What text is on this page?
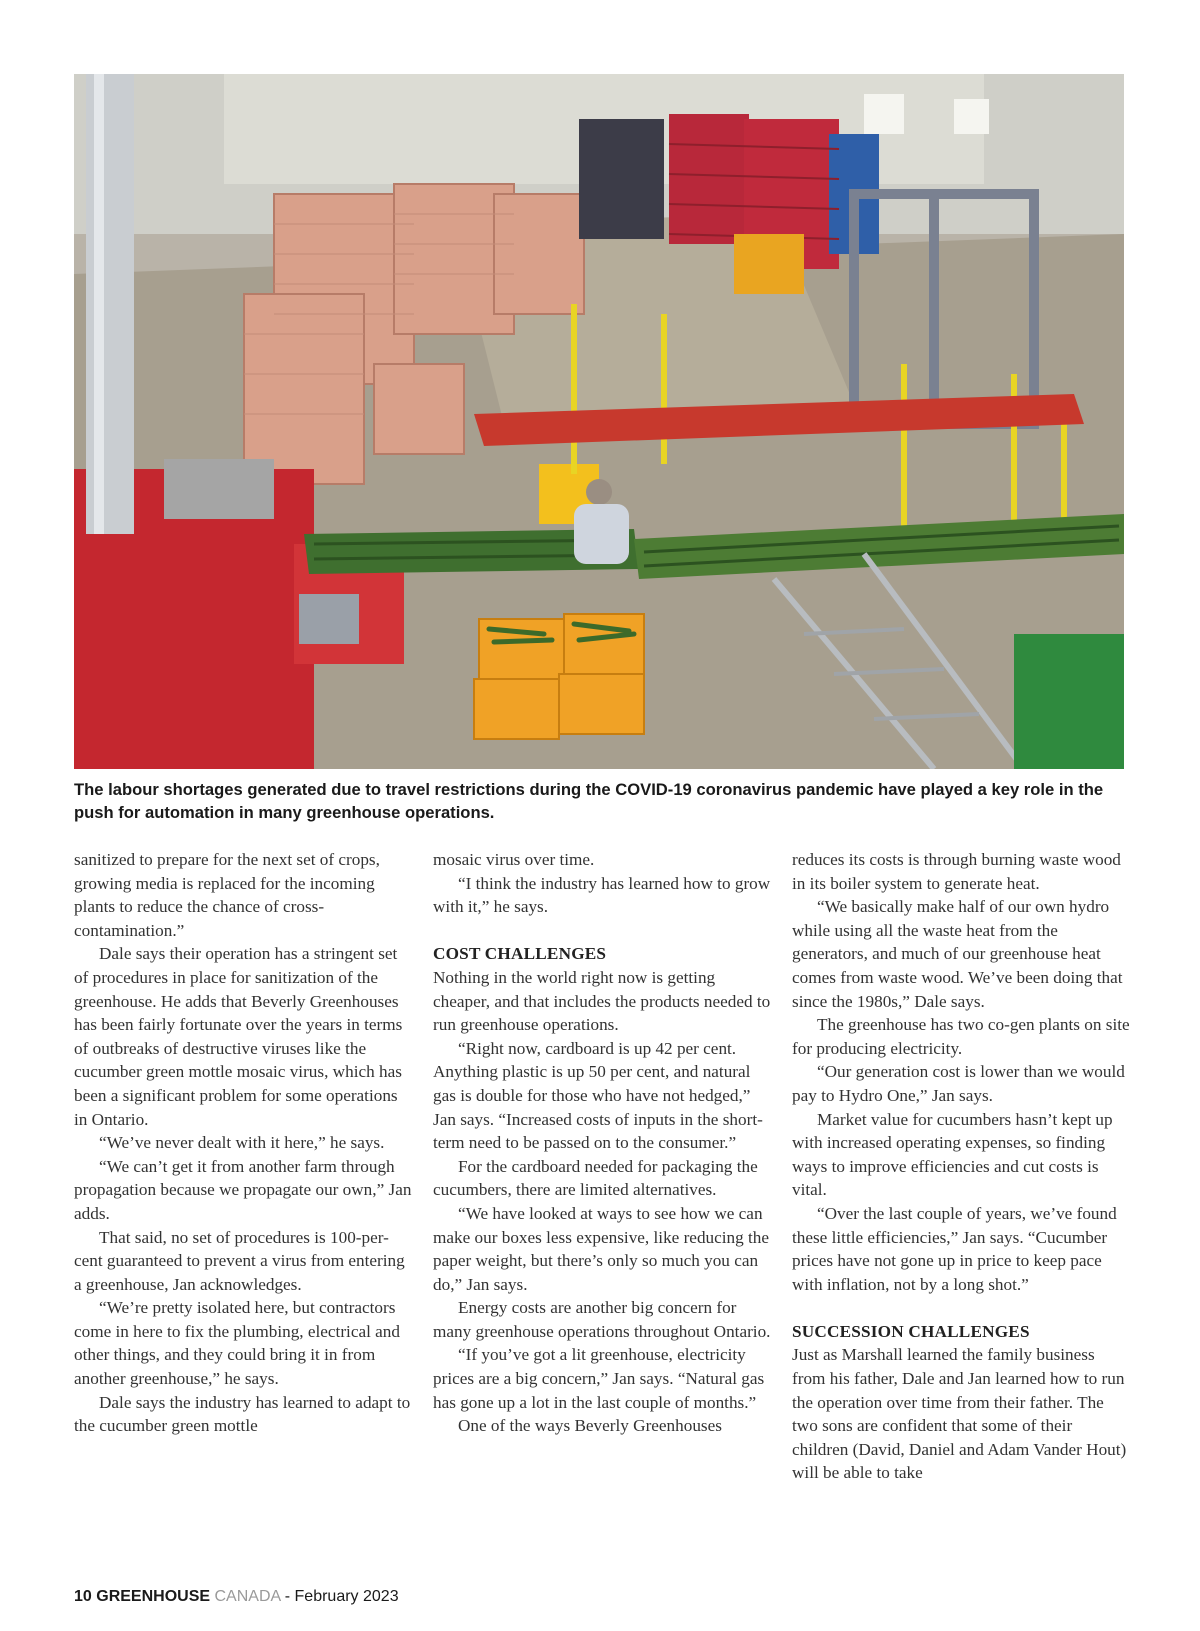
The labour shortages generated due to travel restrictions during the COVID-19 coronavirus pandemic have played a key role in the push for automation in many greenhouse operations.

sanitized to prepare for the next set of crops, growing media is replaced for the incoming plants to reduce the chance of cross-contamination.”

Dale says their operation has a stringent set of procedures in place for sanitization of the greenhouse. He adds that Beverly Greenhouses has been fairly fortunate over the years in terms of outbreaks of destructive viruses like the cucumber green mottle mosaic virus, which has been a significant problem for some operations in Ontario.

“We’ve never dealt with it here,” he says.

“We can’t get it from another farm through propagation because we propagate our own,” Jan adds.

That said, no set of procedures is 100-per-cent guaranteed to prevent a virus from entering a greenhouse, Jan acknowledges.

“We’re pretty isolated here, but contractors come in here to fix the plumbing, electrical and other things, and they could bring it in from another greenhouse,” he says.

Dale says the industry has learned to adapt to the cucumber green mottle

mosaic virus over time.

“I think the industry has learned how to grow with it,” he says.

COST CHALLENGES

Nothing in the world right now is getting cheaper, and that includes the products needed to run greenhouse operations.

“Right now, cardboard is up 42 per cent. Anything plastic is up 50 per cent, and natural gas is double for those who have not hedged,” Jan says. “Increased costs of inputs in the short-term need to be passed on to the consumer.”

For the cardboard needed for packaging the cucumbers, there are limited alternatives.

“We have looked at ways to see how we can make our boxes less expensive, like reducing the paper weight, but there’s only so much you can do,” Jan says.

Energy costs are another big concern for many greenhouse operations throughout Ontario.

“If you’ve got a lit greenhouse, electricity prices are a big concern,” Jan says. “Natural gas has gone up a lot in the last couple of months.”

One of the ways Beverly Greenhouses

reduces its costs is through burning waste wood in its boiler system to generate heat.

“We basically make half of our own hydro while using all the waste heat from the generators, and much of our greenhouse heat comes from waste wood. We’ve been doing that since the 1980s,” Dale says.

The greenhouse has two co-gen plants on site for producing electricity.

“Our generation cost is lower than we would pay to Hydro One,” Jan says.

Market value for cucumbers hasn’t kept up with increased operating expenses, so finding ways to improve efficiencies and cut costs is vital.

“Over the last couple of years, we’ve found these little efficiencies,” Jan says. “Cucumber prices have not gone up in price to keep pace with inflation, not by a long shot.”

SUCCESSION CHALLENGES

Just as Marshall learned the family business from his father, Dale and Jan learned how to run the operation over time from their father. The two sons are confident that some of their children (David, Daniel and Adam Vander Hout) will be able to take

10 GREENHOUSE CANADA - February 2023
